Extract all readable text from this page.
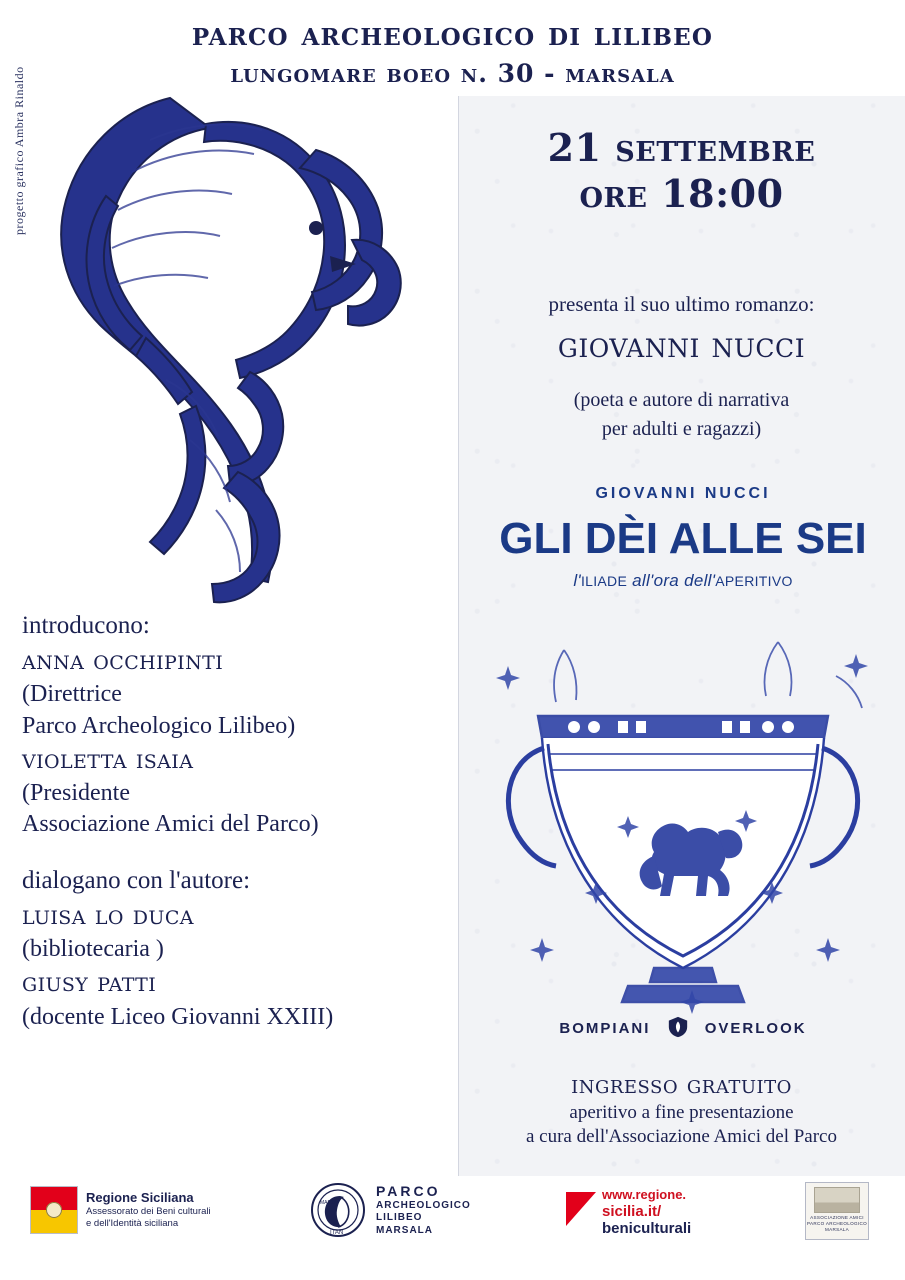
parco archeologico di lilibeo
lungomare boeo n. 30 - marsala
progetto grafico Ambra Rinaldo	21 settembre
ore 18:00
presenta il suo ultimo romanzo:
giovanni nucci
(poeta e autore di narrativa
per adulti e ragazzi)
GIOVANNI NUCCI
GLI DÈI ALLE SEI
l'ILIADE all'ora dell'APERITIVO
BOMPIANI	OVERLOOK
ingresso gratuito
aperitivo a fine presentazione
a cura dell'Associazione Amici del Parco
introducono:
anna occhipinti
(Direttrice
Parco Archeologico Lilibeo)
violetta isaia
(Presidente
Associazione Amici del Parco)
dialogano con l'autore:
luisa lo duca
(bibliotecaria )
giusy patti
(docente Liceo Giovanni XXIII)
Regione Siciliana
Assessorato dei Beni culturali
e dell'Identità siciliana
ΜΑΡΣΑ
ΙΤΑΝ
PARCO
ARCHEOLOGICO
LILIBEO
MARSALA
www.regione.
sicilia.it/
beniculturali
ASSOCIAZIONE AMICI
PARCO ARCHEOLOGICO
MARSALA
